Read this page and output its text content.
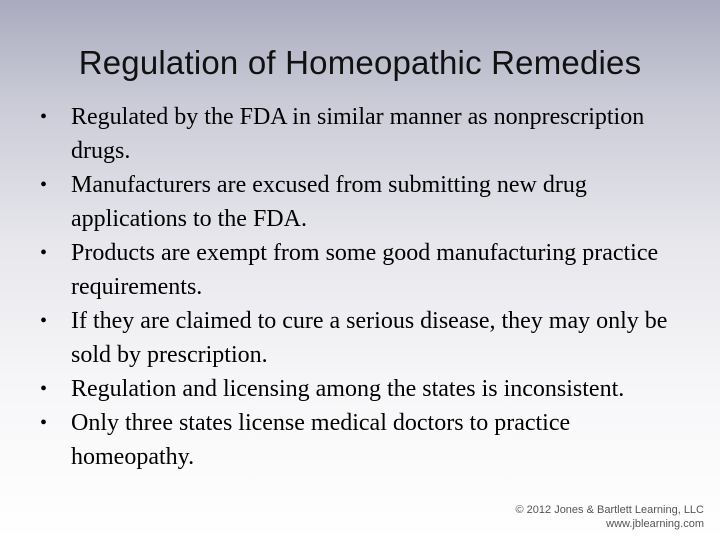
Regulation of Homeopathic Remedies
• Regulated by the FDA in similar manner as nonprescription drugs.
• Manufacturers are excused from submitting new drug applications to the FDA.
• Products are exempt from some good manufacturing practice requirements.
• If they are claimed to cure a serious disease, they may only be sold by prescription.
• Regulation and licensing among the states is inconsistent.
• Only three states license medical doctors to practice homeopathy.
© 2012 Jones & Bartlett Learning, LLC
www.jblearning.com
